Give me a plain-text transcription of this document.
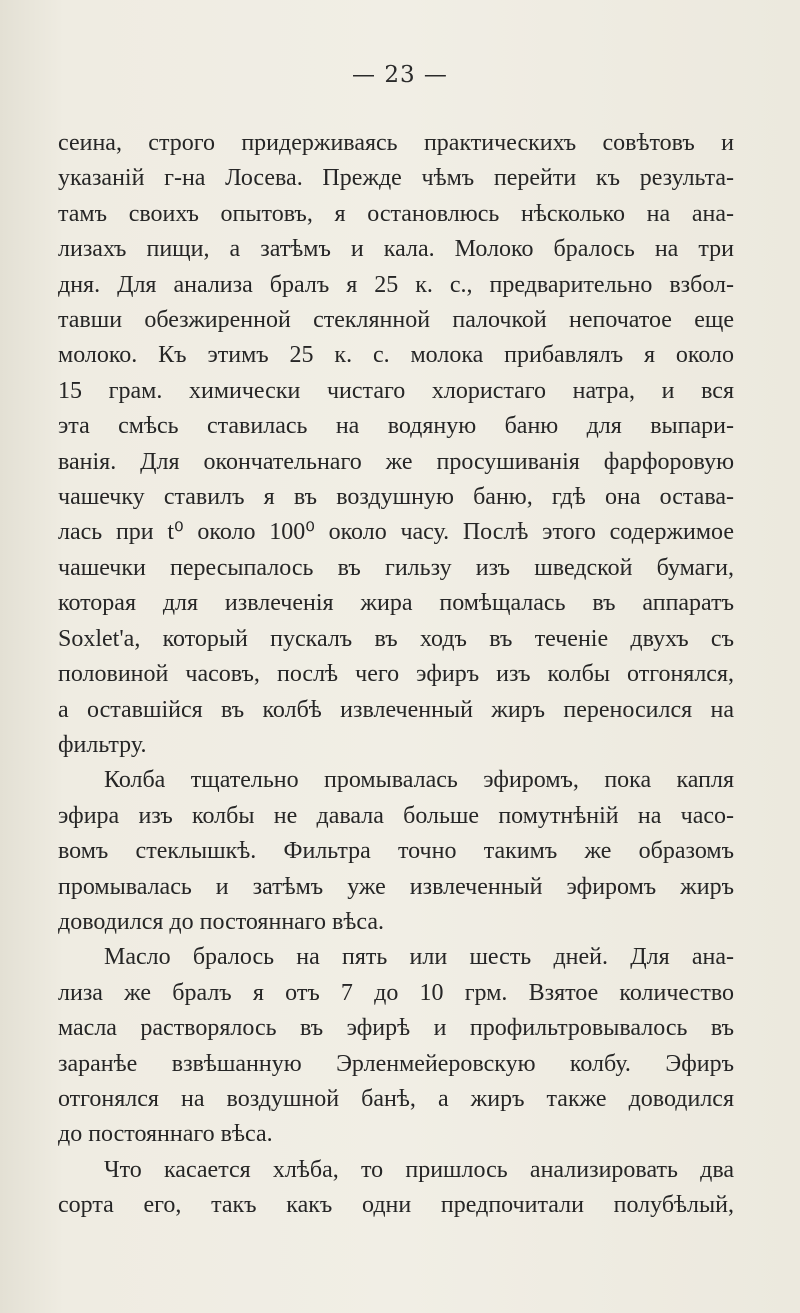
— 23 —

сеина, строго придерживаясь практическихъ совѣтовъ и

указаній г-на Лосева. Прежде чѣмъ перейти къ результа-

тамъ своихъ опытовъ, я остановлюсь нѣсколько на ана-

лизахъ пищи, а затѣмъ и кала. Молоко бралось на три

дня. Для анализа бралъ я 25 к. с., предварительно взбол-

тавши обезжиренной стеклянной палочкой непочатое еще

молоко. Къ этимъ 25 к. с. молока прибавлялъ я около

15 грам. химически чистаго хлористаго натра, и вся

эта смѣсь ставилась на водяную баню для выпари-

ванія. Для окончательнаго же просушиванія фарфоровую

чашечку ставилъ я въ воздушную баню, гдѣ она остава-

лась при t⁰ около 100⁰ около часу. Послѣ этого содержимое

чашечки пересыпалось въ гильзу изъ шведской бумаги,

которая для извлеченія жира помѣщалась въ аппаратъ

Soxlet'а, который пускалъ въ ходъ въ теченіе двухъ съ

половиной часовъ, послѣ чего эфиръ изъ колбы отгонялся,

а оставшійся въ колбѣ извлеченный жиръ переносился на

фильтру.

Колба тщательно промывалась эфиромъ, пока капля

эфира изъ колбы не давала больше помутнѣній на часо-

вомъ стеклышкѣ. Фильтра точно такимъ же образомъ

промывалась и затѣмъ уже извлеченный эфиромъ жиръ

доводился до постояннаго вѣса.

Масло бралось на пять или шесть дней. Для ана-

лиза же бралъ я отъ 7 до 10 грм. Взятое количество

масла растворялось въ эфирѣ и профильтровывалось въ

заранѣе взвѣшанную Эрленмейеровскую колбу. Эфиръ

отгонялся на воздушной банѣ, а жиръ также доводился

до постояннаго вѣса.

Что касается хлѣба, то пришлось анализировать два

сорта его, такъ какъ одни предпочитали полубѣлый,
